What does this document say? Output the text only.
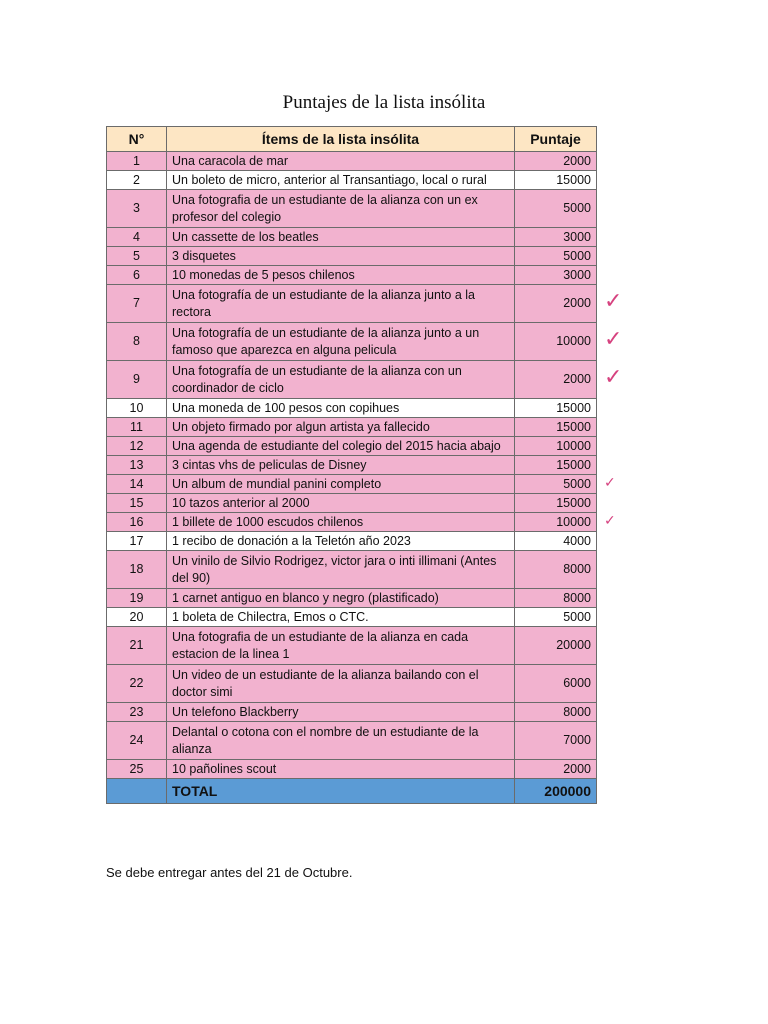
Puntajes de la lista insólita
N°	Ítems de la lista insólita	Puntaje
1	Una caracola de mar	2000
2	Un boleto de micro, anterior al Transantiago, local o rural	15000
3	Una fotografia de un estudiante de la alianza con un ex profesor del colegio	5000
4	Un cassette de los beatles	3000
5	3 disquetes	5000
6	10 monedas de 5 pesos chilenos	3000
7	Una fotografía de un estudiante de la alianza junto a la rectora	2000
8	Una fotografía de un estudiante de la alianza junto a un famoso que aparezca en alguna pelicula	10000
9	Una fotografía de un estudiante de la alianza con un coordinador de ciclo	2000
10	Una moneda de 100 pesos con copihues	15000
11	Un objeto firmado por algun artista ya fallecido	15000
12	Una agenda de estudiante del colegio del 2015 hacia abajo	10000
13	3 cintas vhs de peliculas de Disney	15000
14	Un album de mundial panini completo	5000
15	10 tazos anterior al 2000	15000
16	1 billete de 1000 escudos chilenos	10000
17	1 recibo de donación a la Teletón año 2023	4000
18	Un vinilo de Silvio Rodrigez, victor jara o inti illimani (Antes del 90)	8000
19	1 carnet antiguo en blanco y negro (plastificado)	8000
20	1 boleta de Chilectra, Emos o CTC.	5000
21	Una fotografia de un estudiante de la alianza en cada estacion de la linea 1	20000
22	Un video de un estudiante de la alianza bailando con el doctor simi	6000
23	Un telefono Blackberry	8000
24	Delantal o cotona con el nombre de un estudiante de la alianza	7000
25	10 pañolines scout	2000
	TOTAL	200000
✓
✓
✓
✓
✓
Se debe entregar antes del 21 de Octubre.
